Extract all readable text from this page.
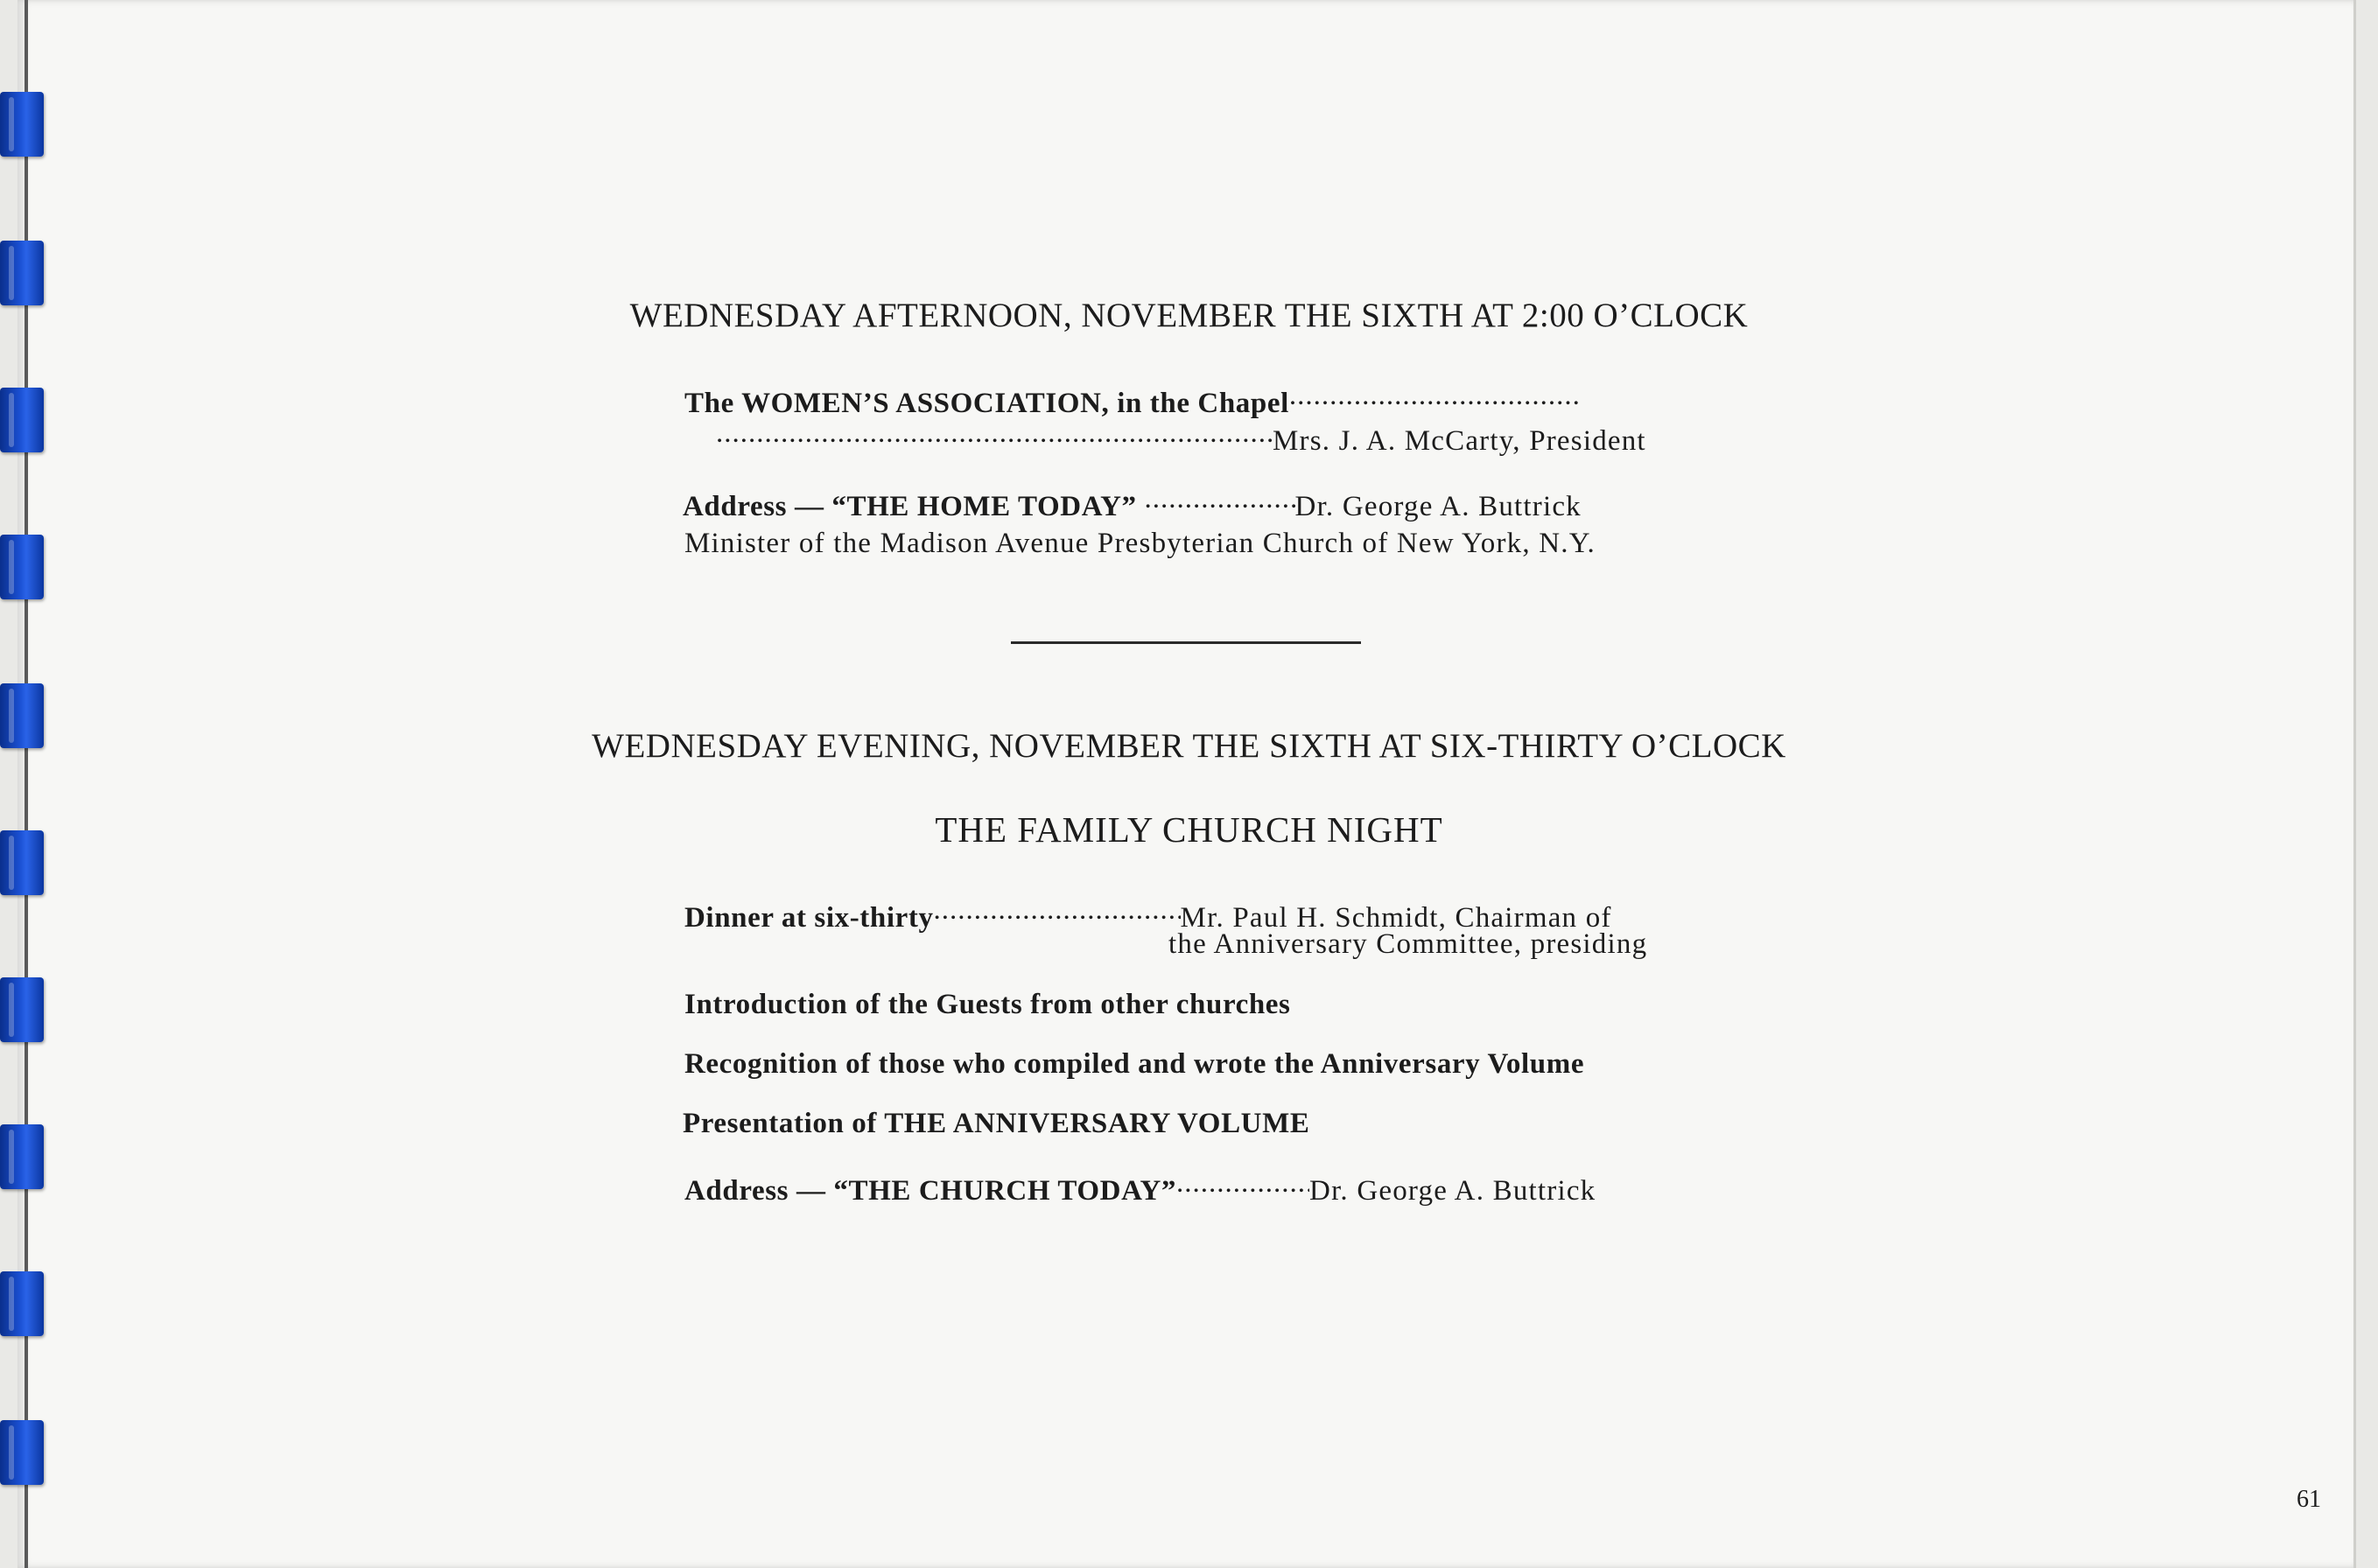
WEDNESDAY AFTERNOON, NOVEMBER THE SIXTH AT 2:00 O’CLOCK
The WOMEN’S ASSOCIATION, in the Chapel.....
.....Mrs. J. A. McCarty, President
Address — “THE HOME TODAY” .....	Dr. George A. Buttrick
Minister of the Madison Avenue Presbyterian Church of New York, N.Y.
WEDNESDAY EVENING, NOVEMBER THE SIXTH AT SIX-THIRTY O’CLOCK
THE FAMILY CHURCH NIGHT
Dinner at six-thirty .....	Mr. Paul H. Schmidt, Chairman of
the Anniversary Committee, presiding
Introduction of the Guests from other churches
Recognition of those who compiled and wrote the Anniversary Volume
Presentation of THE ANNIVERSARY VOLUME
Address — “THE CHURCH TODAY” .....	Dr. George A. Buttrick
61
